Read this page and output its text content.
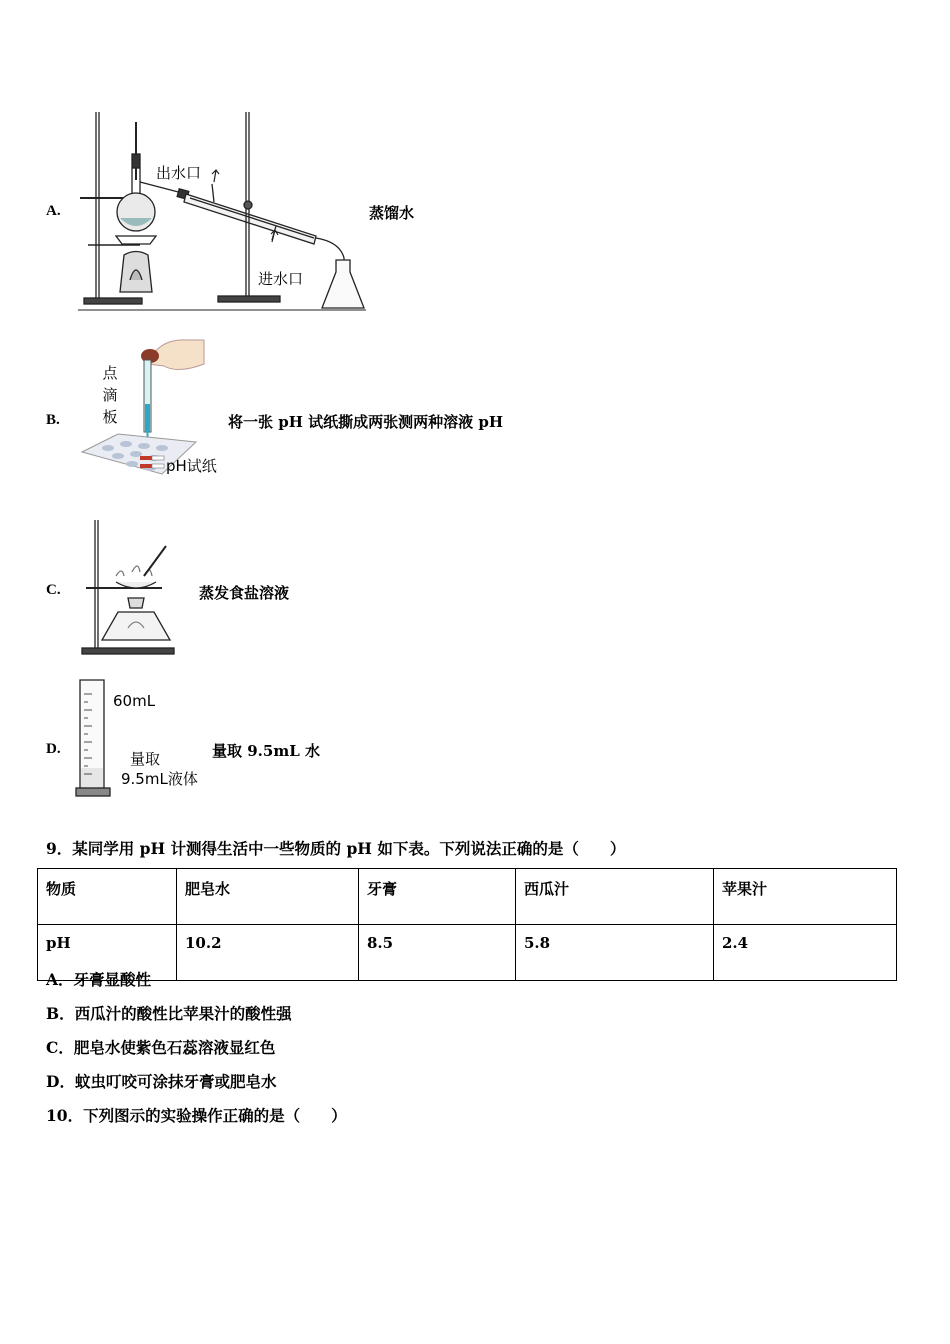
A.
出水口
进水口
蒸馏水
B.
点
滴
板
pH试纸
将一张 pH 试纸撕成两张测两种溶液 pH
C.	蒸发食盐溶液
D.
60mL
量取
9.5mL液体
量取 9.5mL 水
9．某同学用 pH 计测得生活中一些物质的 pH 如下表。下列说法正确的是（　　）
物质	肥皂水	牙膏	西瓜汁	苹果汁
pH	10.2	8.5	5.8	2.4
A．牙膏显酸性
B．西瓜汁的酸性比苹果汁的酸性强
C．肥皂水使紫色石蕊溶液显红色
D．蚊虫叮咬可涂抹牙膏或肥皂水
10．下列图示的实验操作正确的是（　　）
